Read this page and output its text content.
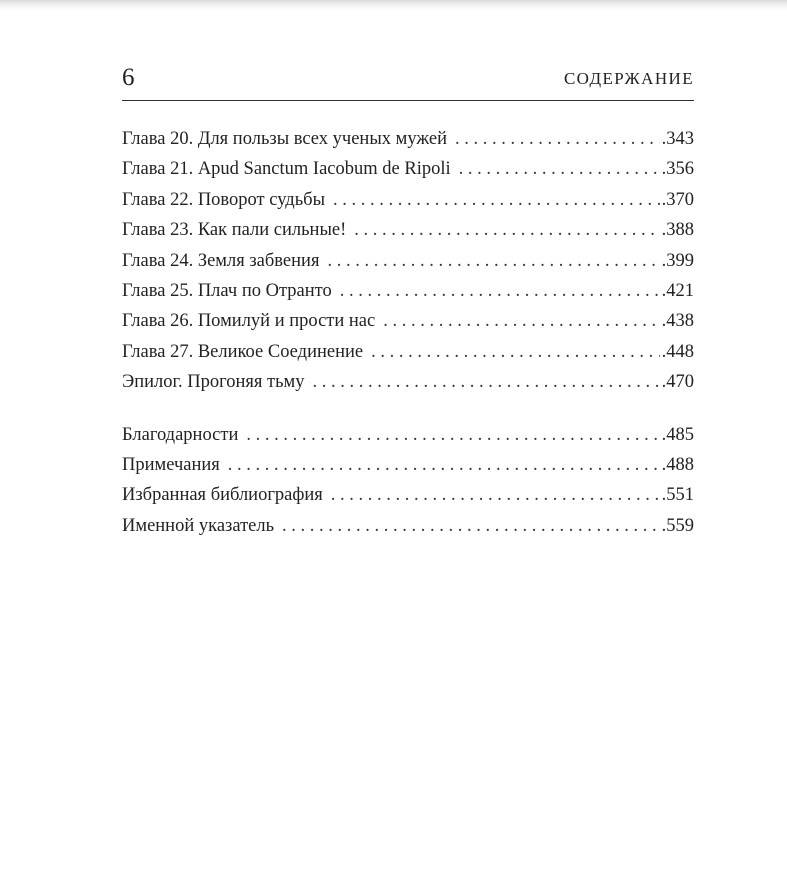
6	СОДЕРЖАНИЕ
Глава 20. Для пользы всех ученых мужей . . .	.343
Глава 21. Apud Sanctum Iacobum de Ripoli . . .	.356
Глава 22. Поворот судьбы . . .	.370
Глава 23. Как пали сильные! . . .	.388
Глава 24. Земля забвения . . .	.399
Глава 25. Плач по Отранто . . .	.421
Глава 26. Помилуй и прости нас . . .	.438
Глава 27. Великое Соединение . . .	.448
Эпилог. Прогоняя тьму . . .	.470
Благодарности . . .	.485
Примечания . . .	.488
Избранная библиография . . .	.551
Именной указатель . . .	.559
